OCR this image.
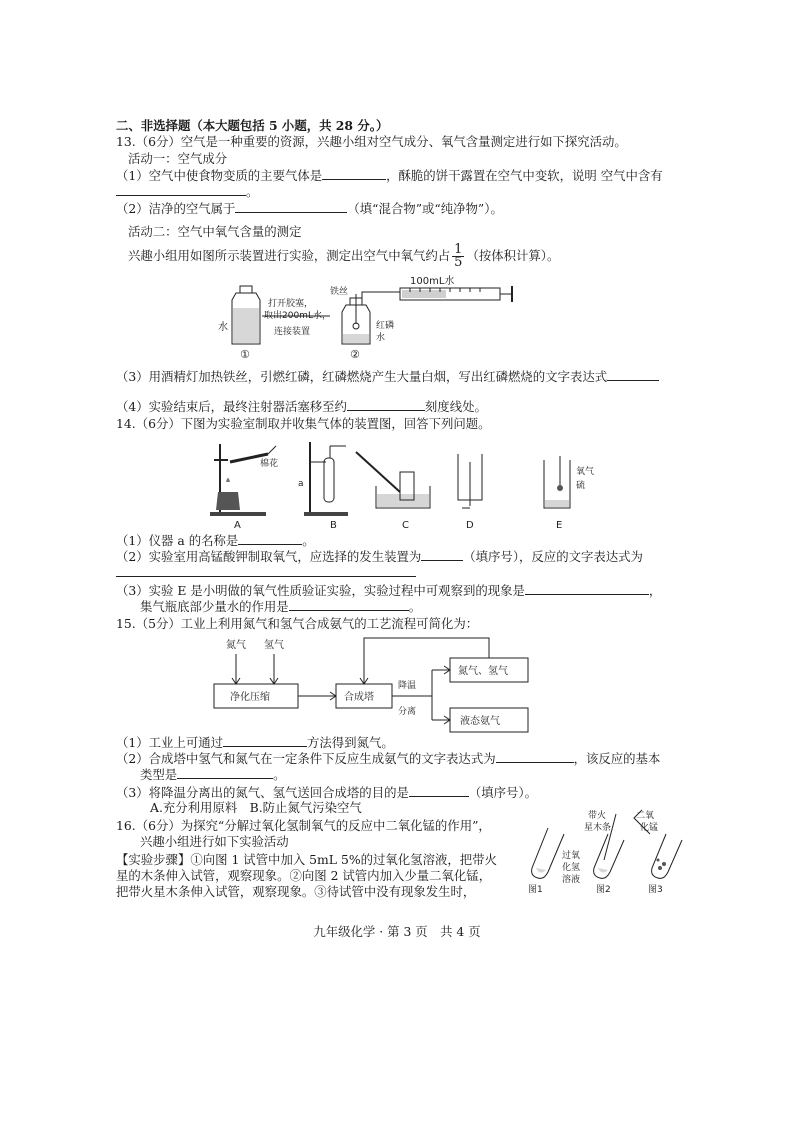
二、非选择题（本大题包括 5 小题，共 28 分。）
13.（6分）空气是一种重要的资源，兴趣小组对空气成分、氧气含量测定进行如下探究活动。
活动一：空气成分
（1）空气中使食物变质的主要气体是	，酥脆的饼干露置在空气中变软，说明 空气中含有
。
（2）洁净的空气属于	（填“混合物”或“纯净物”）。
活动二：空气中氧气含量的测定
兴趣小组用如图所示装置进行实验，测定出空气中氧气约占 $\frac{1}{5}$ （按体积计算）。
水
①
打开胶塞，
取出200mL水，
连接装置
铁丝
红磷
水
②
100mL水
（3）用酒精灯加热铁丝，引燃红磷，红磷燃烧产生大量白烟，写出红磷燃烧的文字表达式
（4）实验结束后，最终注射器活塞移至约	刻度线处。
14.（6分）下图为实验室制取并收集气体的装置图，回答下列问题。
棉花
A
a
B	C	D
氧气
硫
E
（1）仪器 a 的名称是	。
（2）实验室用高锰酸钾制取氧气，应选择的发生装置为	（填序号），反应的文字表达式为
（3）实验 E 是小明做的氧气性质验证实验，实验过程中可观察到的现象是	，
集气瓶底部少量水的作用是	。
15.（5分）工业上利用氮气和氢气合成氨气的工艺流程可简化为：
氮气 氢气
净化压缩	合成塔
降温
分离
氮气、氢气
液态氨气
（1）工业上可通过	方法得到氮气。
（2）合成塔中氢气和氮气在一定条件下反应生成氨气的文字表达式为	，该反应的基本
类型是	。
（3）将降温分离出的氮气、氢气送回合成塔的目的是	（填序号）。
A.充分利用原料　B.防止氮气污染空气
16.（6分）为探究“分解过氧化氢制氧气的反应中二氧化锰的作用”，
兴趣小组进行如下实验活动
【实验步骤】①向图 1 试管中加入 5mL 5%的过氧化氢溶液，把带火
星的木条伸入试管，观察现象。②向图 2 试管内加入少量二氧化锰，
把带火星木条伸入试管，观察现象。③待试管中没有现象发生时，	图1
过氧
化氢
溶液
带火
星木条
图2
二氧
化锰
图3
九年级化学 · 第 3 页　共 4 页
